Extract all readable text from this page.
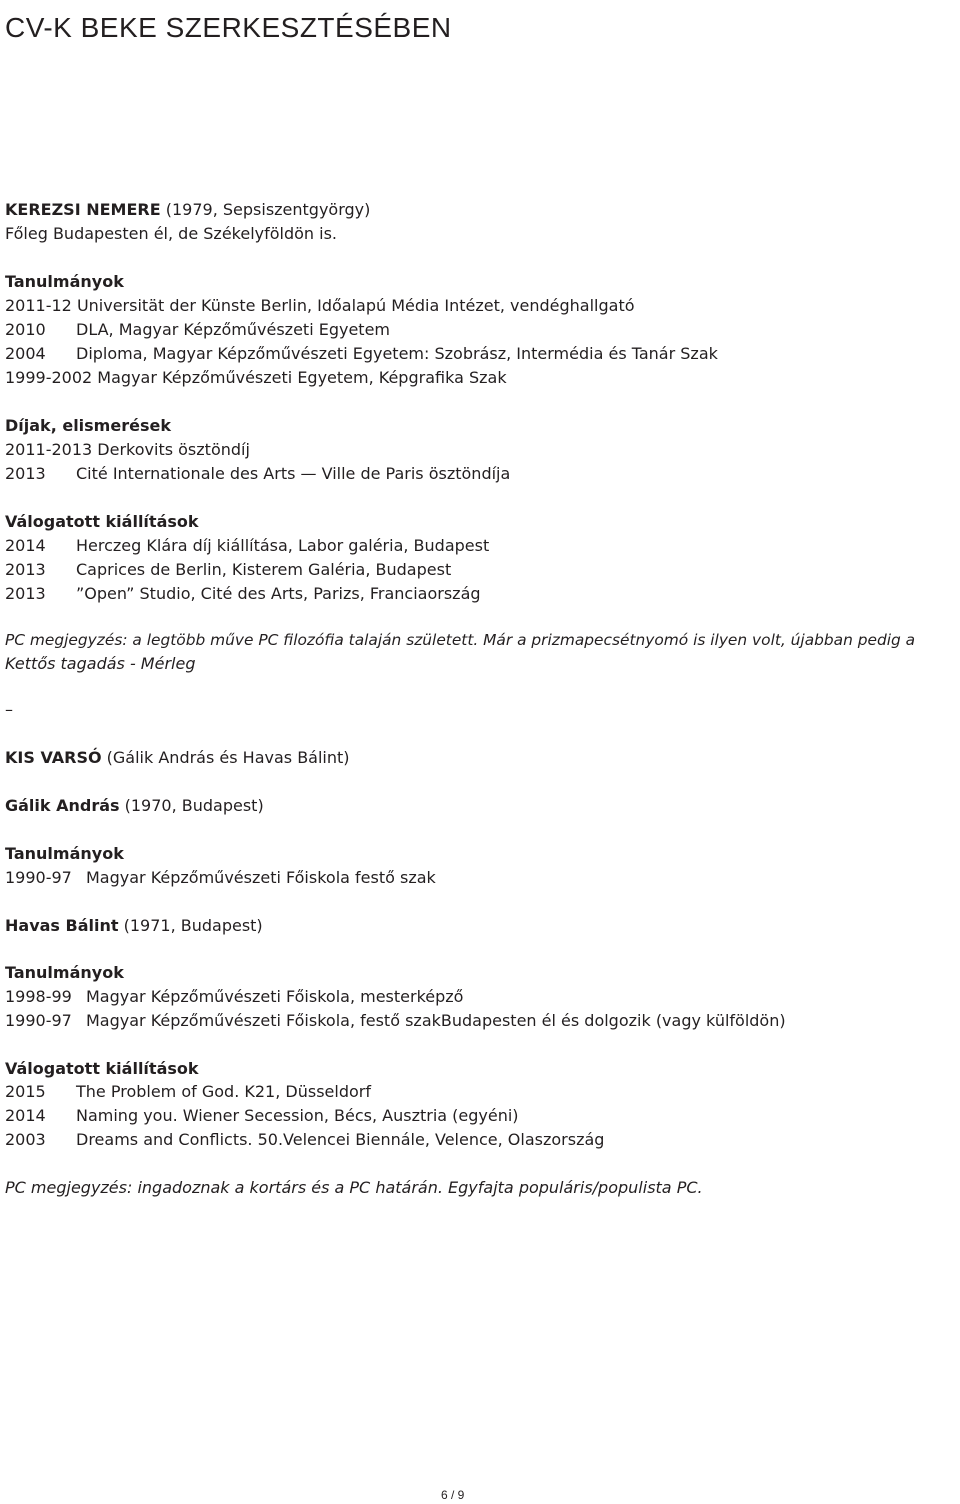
CV-K BEKE SZERKESZTÉSÉBEN
KEREZSI NEMERE (1979, Sepsiszentgyörgy)
Főleg Budapesten él, de Székelyföldön is.
Tanulmányok
2011-12 Universität der Künste Berlin, Időalapú Média Intézet, vendéghallgató
2010 DLA, Magyar Képzőművészeti Egyetem
2004 Diploma, Magyar Képzőművészeti Egyetem: Szobrász, Intermédia és Tanár Szak
1999-2002 Magyar Képzőművészeti Egyetem, Képgrafika Szak
Díjak, elismerések
2011-2013 Derkovits ösztöndíj
2013 Cité Internationale des Arts — Ville de Paris ösztöndíja
Válogatott kiállítások
2014 Herczeg Klára díj kiállítása, Labor galéria, Budapest
2013 Caprices de Berlin, Kisterem Galéria, Budapest
2013 ”Open” Studio, Cité des Arts, Parizs, Franciaország
PC megjegyzés: a legtöbb műve PC filozófia talaján született. Már a prizmapecsétnyomó is ilyen volt, újabban pedig a
Kettős tagadás - Mérleg
–
KIS VARSÓ (Gálik András és Havas Bálint)
Gálik András (1970, Budapest)
Tanulmányok
1990-97 Magyar Képzőművészeti Főiskola festő szak
Havas Bálint (1971, Budapest)
Tanulmányok
1998-99 Magyar Képzőművészeti Főiskola, mesterképző
1990-97 Magyar Képzőművészeti Főiskola, festő szakBudapesten él és dolgozik (vagy külföldön)
Válogatott kiállítások
2015 The Problem of God. K21, Düsseldorf
2014 Naming you. Wiener Secession, Bécs, Ausztria (egyéni)
2003 Dreams and Conflicts. 50.Velencei Biennále, Velence, Olaszország
PC megjegyzés: ingadoznak a kortárs és a PC határán. Egyfajta populáris/populista PC.
6 / 9
